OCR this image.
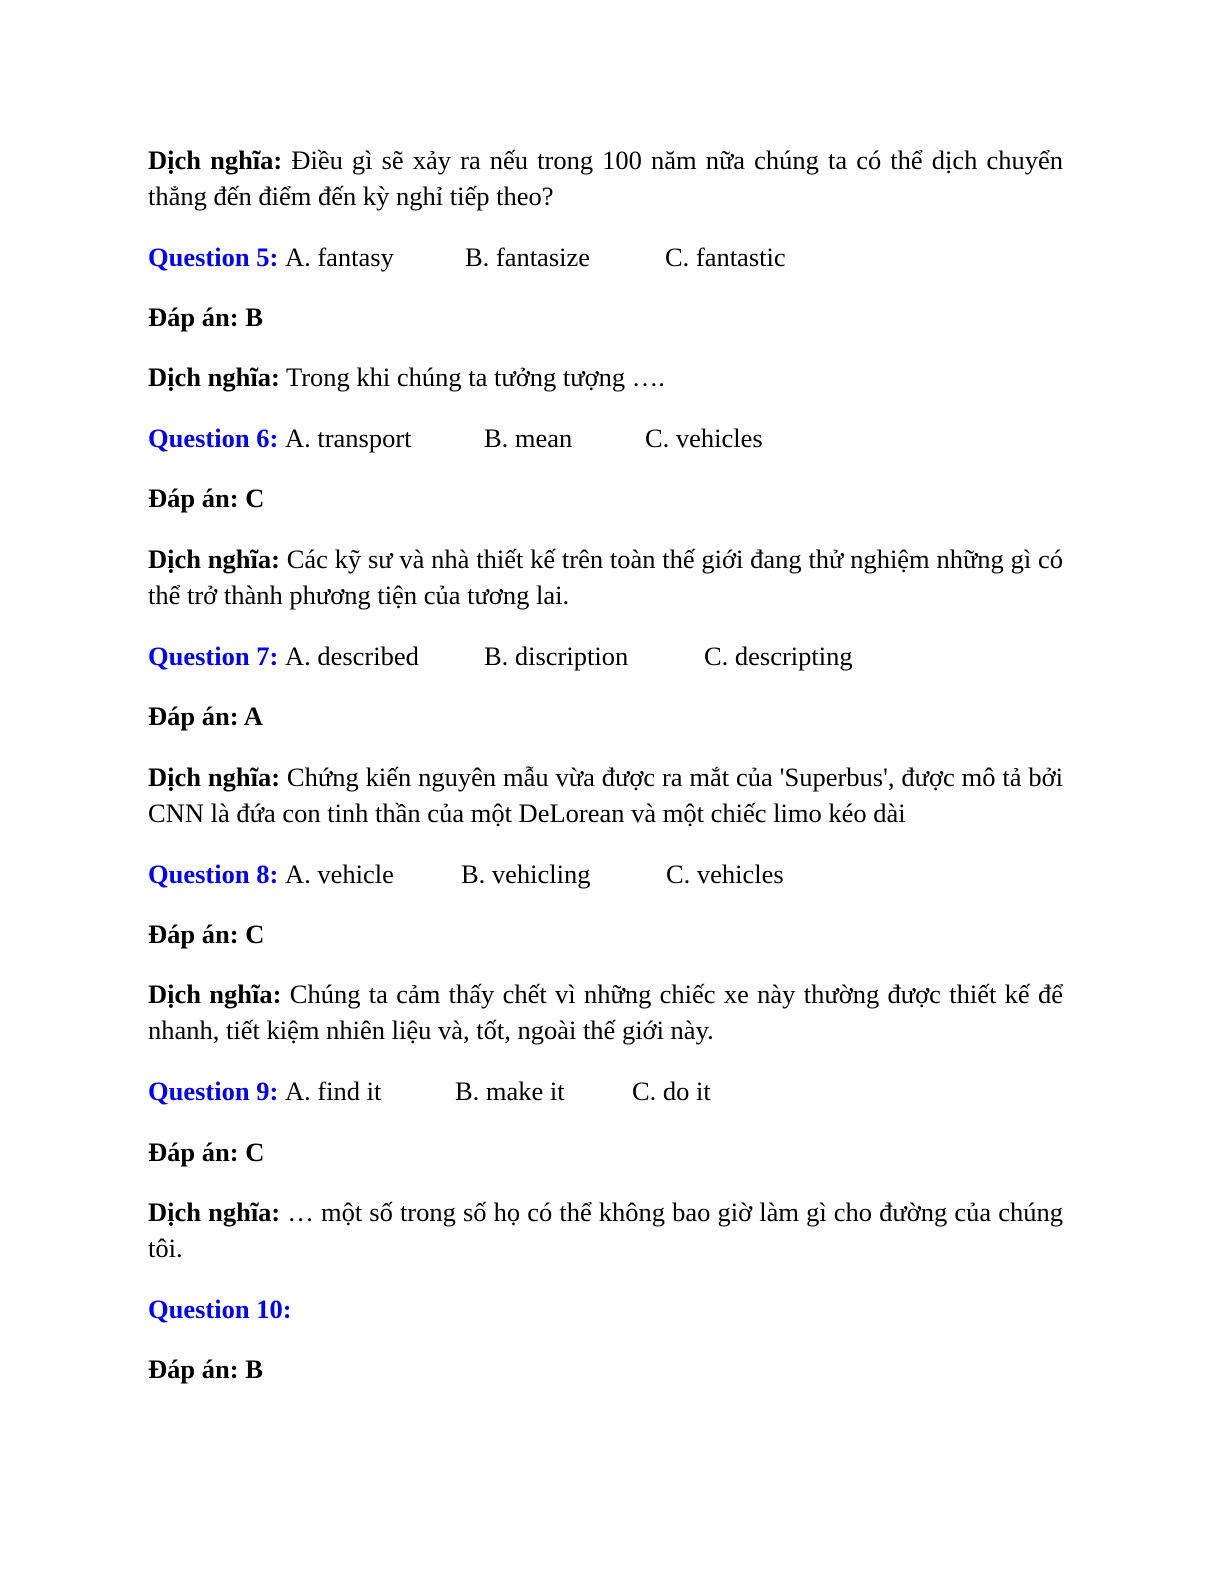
Dịch nghĩa: Điều gì sẽ xảy ra nếu trong 100 năm nữa chúng ta có thể dịch chuyển thẳng đến điểm đến kỳ nghỉ tiếp theo?

Question 5: A. fantasy	B. fantasize	C. fantastic

Đáp án: B

Dịch nghĩa: Trong khi chúng ta tưởng tượng ….

Question 6: A. transport	B. mean	C. vehicles

Đáp án: C

Dịch nghĩa: Các kỹ sư và nhà thiết kế trên toàn thế giới đang thử nghiệm những gì có thể trở thành phương tiện của tương lai.

Question 7: A. described B. discription	C. descripting

Đáp án: A

Dịch nghĩa: Chứng kiến nguyên mẫu vừa được ra mắt của 'Superbus', được mô tả bởi CNN là đứa con tinh thần của một DeLorean và một chiếc limo kéo dài

Question 8: A. vehicle	B. vehicling	C. vehicles

Đáp án: C

Dịch nghĩa: Chúng ta cảm thấy chết vì những chiếc xe này thường được thiết kế để nhanh, tiết kiệm nhiên liệu và, tốt, ngoài thế giới này.

Question 9: A. find it	B. make it	C. do it

Đáp án: C

Dịch nghĩa: … một số trong số họ có thể không bao giờ làm gì cho đường của chúng tôi.

Question 10:

Đáp án: B
